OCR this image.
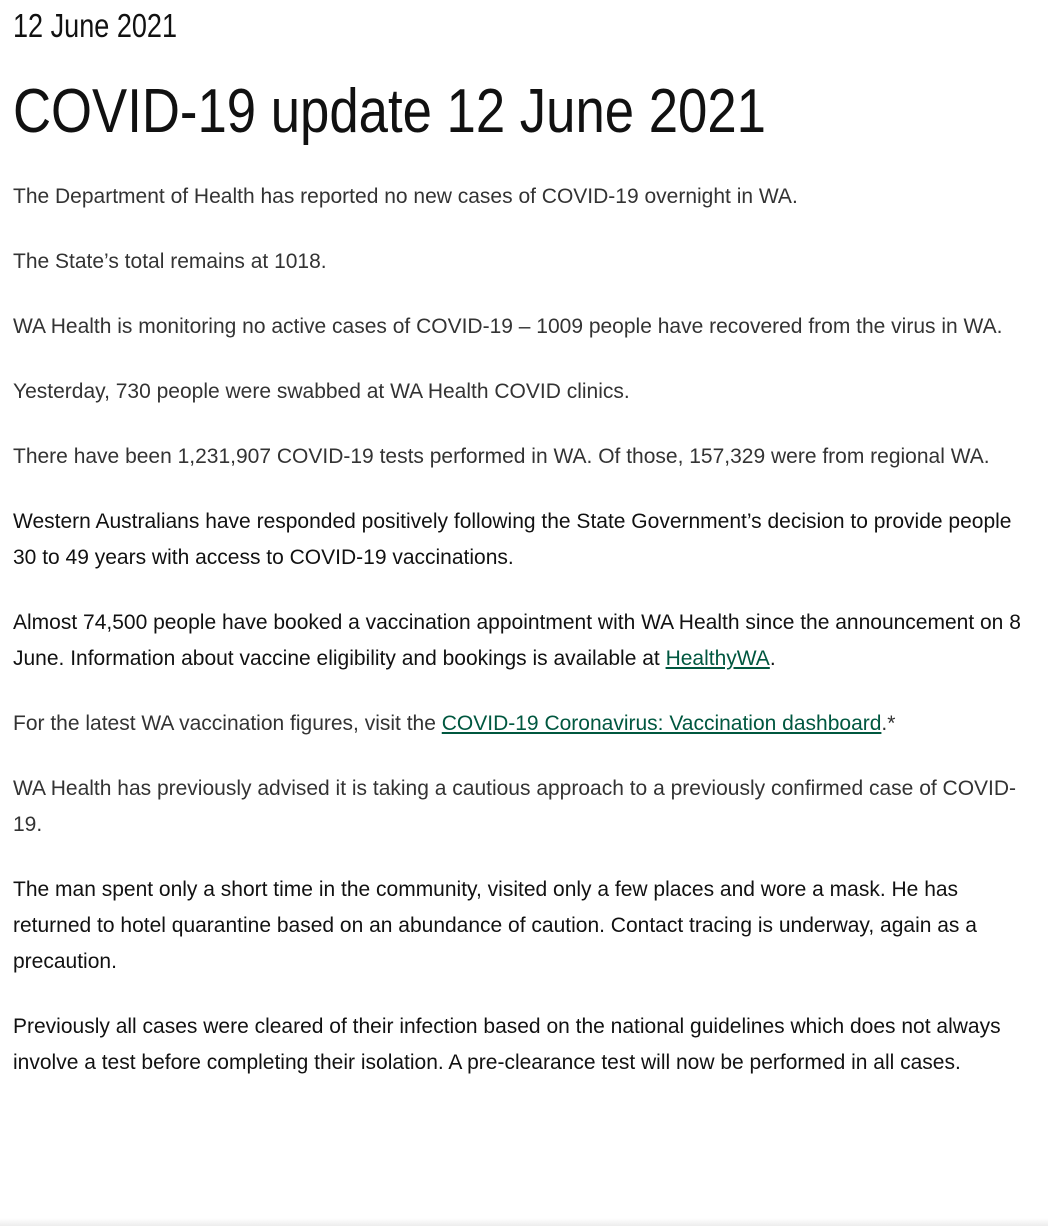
12 June 2021
COVID-19 update 12 June 2021

The Department of Health has reported no new cases of COVID-19 overnight in WA.

The State’s total remains at 1018.

WA Health is monitoring no active cases of COVID-19 – 1009 people have recovered from the virus in WA.

Yesterday, 730 people were swabbed at WA Health COVID clinics.

There have been 1,231,907 COVID-19 tests performed in WA. Of those, 157,329 were from regional WA.

Western Australians have responded positively following the State Government’s decision to provide people 30 to 49 years with access to COVID-19 vaccinations.

Almost 74,500 people have booked a vaccination appointment with WA Health since the announcement on 8 June. Information about vaccine eligibility and bookings is available at HealthyWA.

For the latest WA vaccination figures, visit the COVID-19 Coronavirus: Vaccination dashboard.*

WA Health has previously advised it is taking a cautious approach to a previously confirmed case of COVID-19.

The man spent only a short time in the community, visited only a few places and wore a mask. He has returned to hotel quarantine based on an abundance of caution. Contact tracing is underway, again as a precaution.

Previously all cases were cleared of their infection based on the national guidelines which does not always involve a test before completing their isolation. A pre-clearance test will now be performed in all cases.
